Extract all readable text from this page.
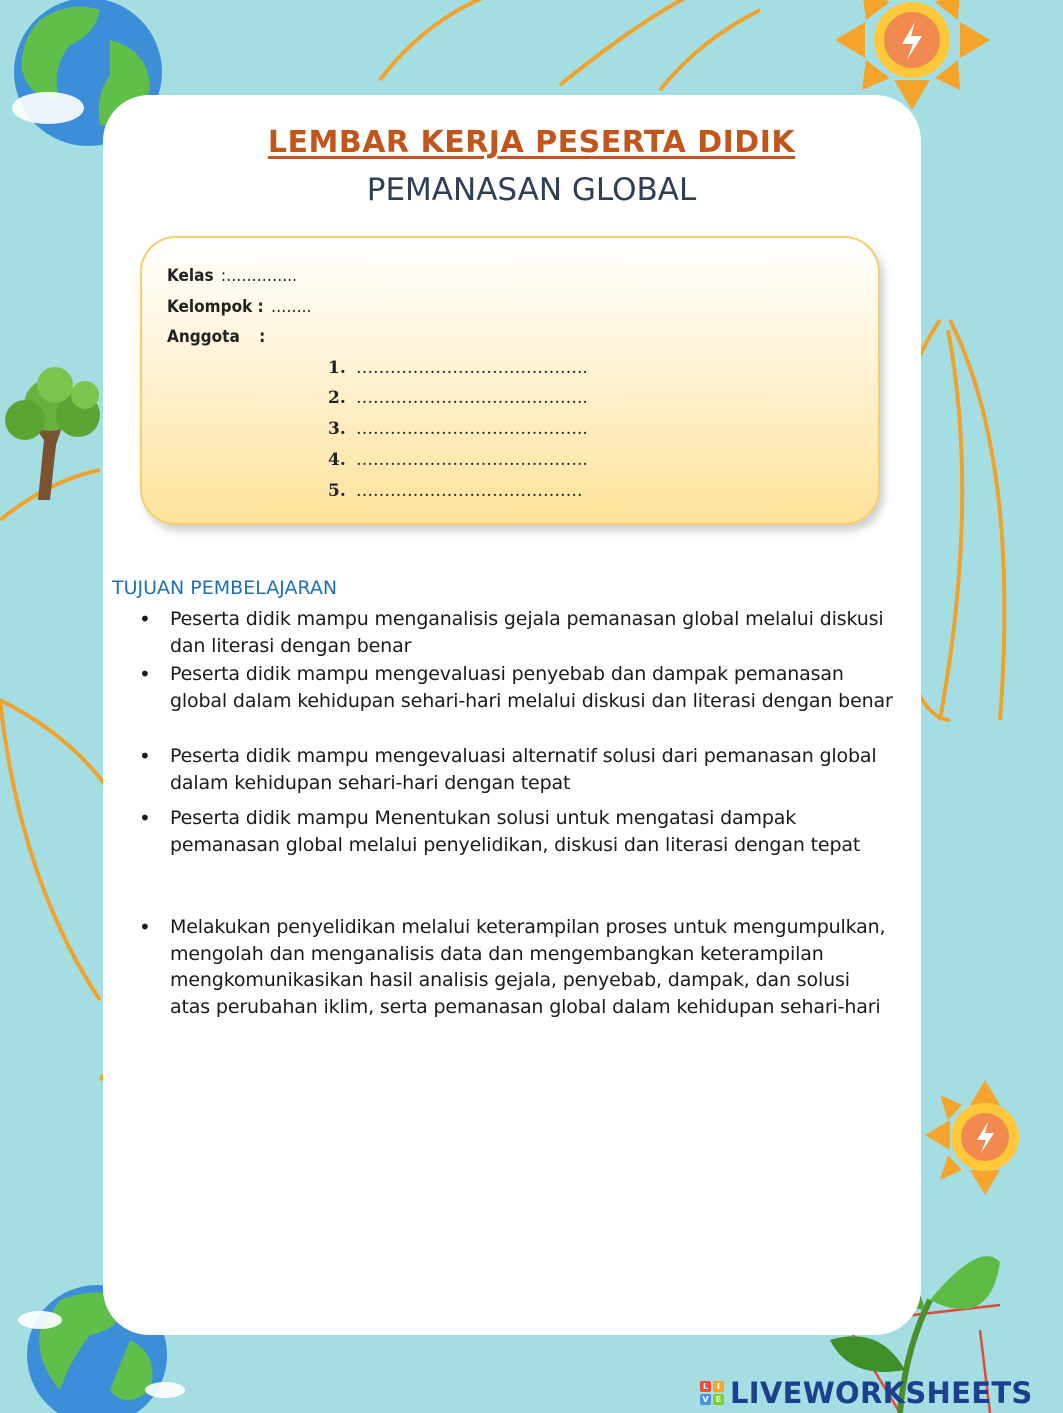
LEMBAR KERJA PESERTA DIDIK
PEMANASAN GLOBAL
Kelas :…………..
Kelompok : ……..
Anggota :
1. …………………………………..
2. …………………………………..
3. …………………………………..
4. …………………………………..
5. ………………………………….
TUJUAN PEMBELAJARAN
• Peserta didik mampu menganalisis gejala pemanasan global melalui diskusi dan literasi dengan benar
• Peserta didik mampu mengevaluasi penyebab dan dampak pemanasan global dalam kehidupan sehari-hari melalui diskusi dan literasi dengan benar
• Peserta didik mampu mengevaluasi alternatif solusi dari pemanasan global dalam kehidupan sehari-hari dengan tepat
• Peserta didik mampu Menentukan solusi untuk mengatasi dampak pemanasan global melalui penyelidikan, diskusi dan literasi dengan tepat
• Melakukan penyelidikan melalui keterampilan proses untuk mengumpulkan, mengolah dan menganalisis data dan mengembangkan keterampilan mengkomunikasikan hasil analisis gejala, penyebab, dampak, dan solusi atas perubahan iklim, serta pemanasan global dalam kehidupan sehari-hari
L	I
V E LIVEWORKSHEETS
